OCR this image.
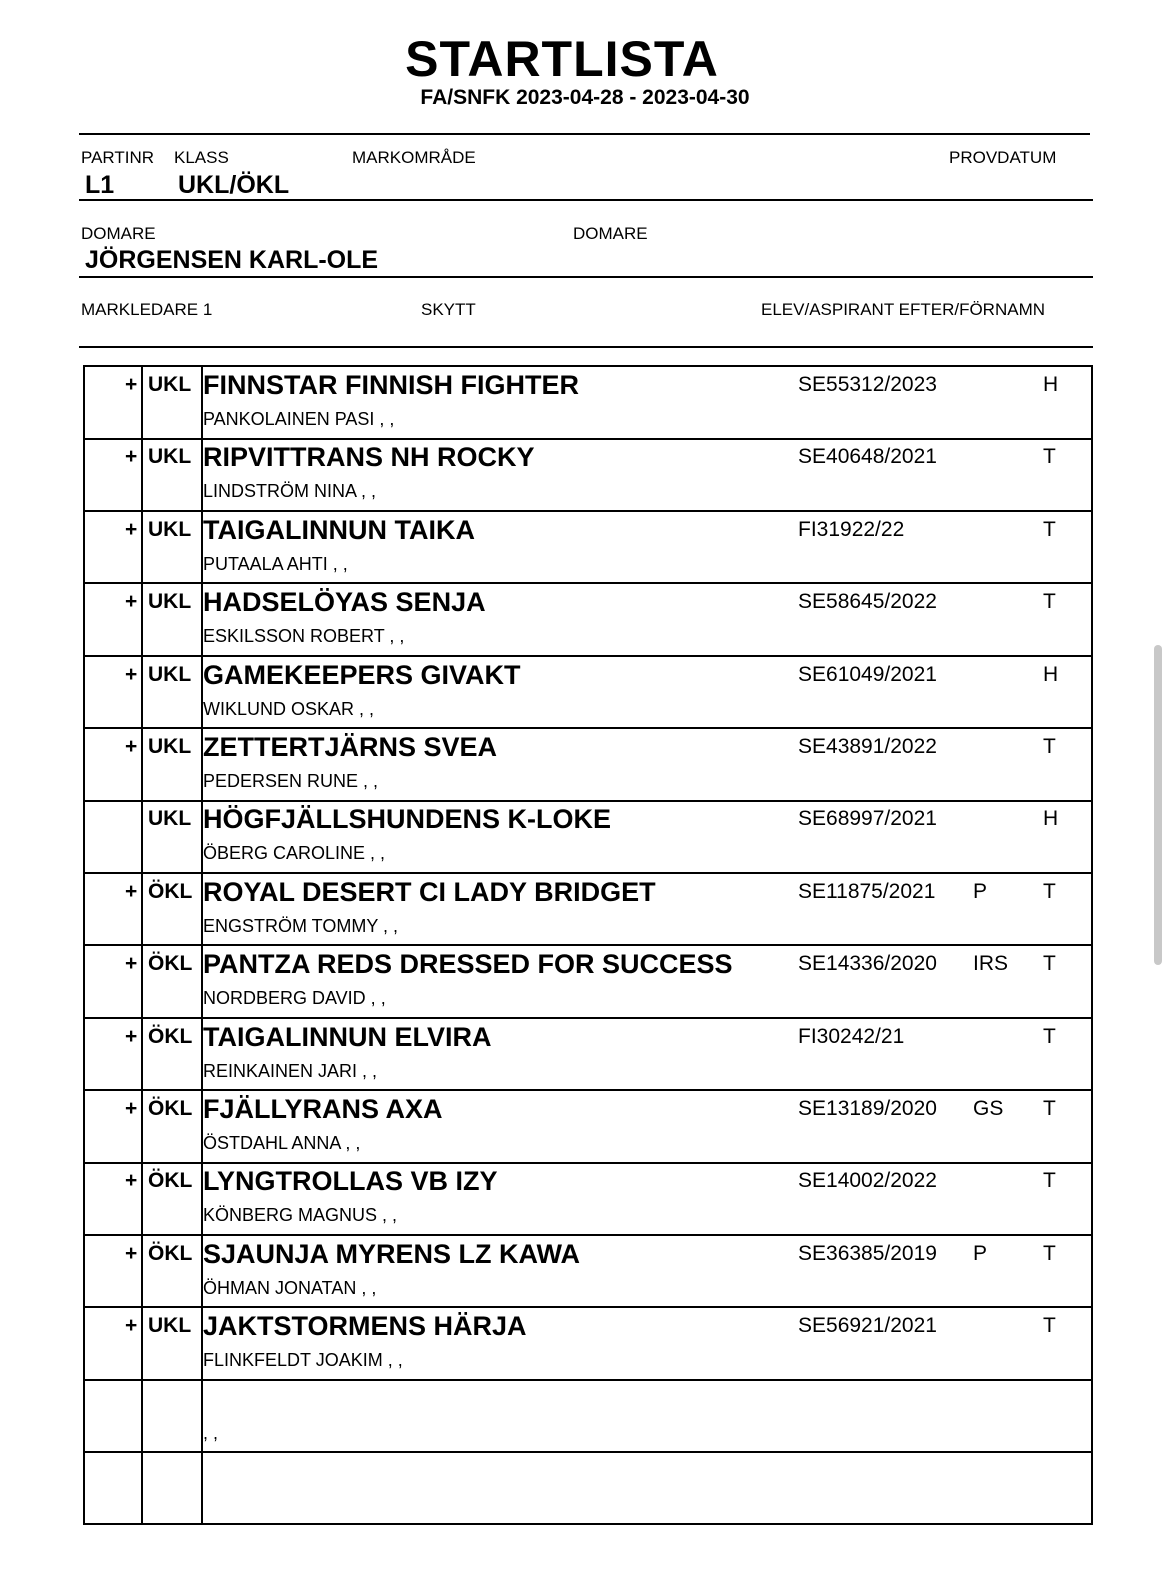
STARTLISTA
FA/SNFK 2023-04-28 - 2023-04-30
PARTINR KLASS	MARKOMRÅDE	PROVDATUM
L1	UKL/ÖKL
DOMARE	DOMARE
JÖRGENSEN KARL-OLE
MARKLEDARE 1	SKYTT	ELEV/ASPIRANT EFTER/FÖRNAMN
+ UKL FINNSTAR FINNISH FIGHTER
PANKOLAINEN PASI , ,
SE55312/2023	H
+ UKL RIPVITTRANS NH ROCKY
LINDSTRÖM NINA , ,
SE40648/2021	T
+ UKL TAIGALINNUN TAIKA
PUTAALA AHTI , ,
FI31922/22	T
+ UKL HADSELÖYAS SENJA
ESKILSSON ROBERT , ,
SE58645/2022	T
+ UKL GAMEKEEPERS GIVAKT
WIKLUND OSKAR , ,
SE61049/2021	H
+ UKL ZETTERTJÄRNS SVEA
PEDERSEN RUNE , ,
SE43891/2022	T
UKL HÖGFJÄLLSHUNDENS K-LOKE
ÖBERG CAROLINE , ,
SE68997/2021	H
+ ÖKL ROYAL DESERT CI LADY BRIDGET
ENGSTRÖM TOMMY , ,
SE11875/2021 P	T
+ ÖKL PANTZA REDS DRESSED FOR SUCCESS
NORDBERG DAVID , ,
SE14336/2020 IRS T
+ ÖKL TAIGALINNUN ELVIRA
REINKAINEN JARI , ,
FI30242/21	T
+ ÖKL FJÄLLYRANS AXA
ÖSTDAHL ANNA , ,
SE13189/2020 GS T
+ ÖKL LYNGTROLLAS VB IZY
KÖNBERG MAGNUS , ,
SE14002/2022	T
+ ÖKL SJAUNJA MYRENS LZ KAWA
ÖHMAN JONATAN , ,
SE36385/2019 P	T
+ UKL JAKTSTORMENS HÄRJA
FLINKFELDT JOAKIM , ,
SE56921/2021	T
, ,
